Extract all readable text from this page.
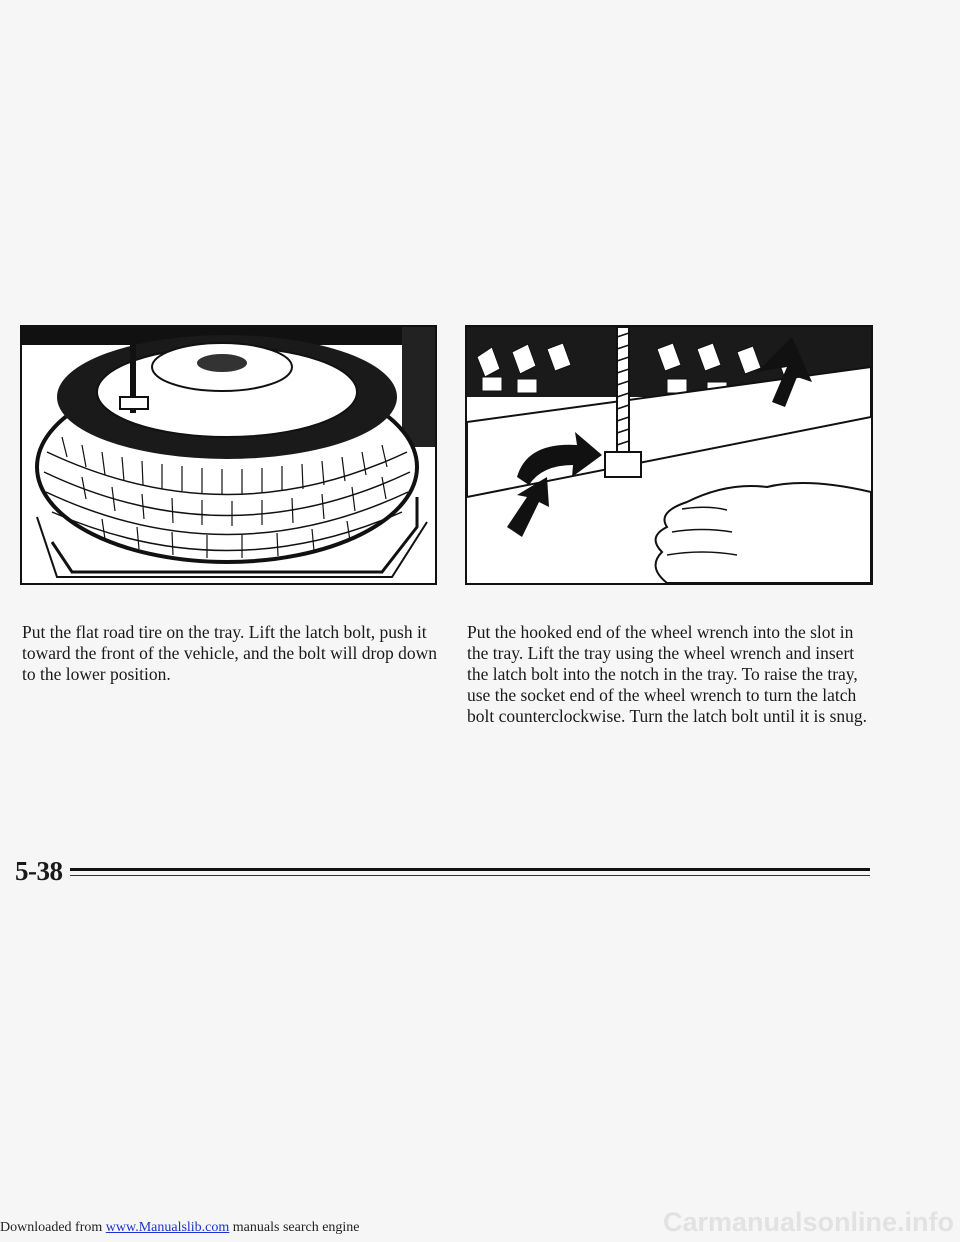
Put the flat road tire on the tray. Lift the latch bolt, push it toward the front of the vehicle, and the bolt will drop down to the lower position.

Put the hooked end of the wheel wrench into the slot in the tray. Lift the tray using the wheel wrench and insert the latch bolt into the notch in the tray. To raise the tray, use the socket end of the wheel wrench to turn the latch bolt counterclockwise. Turn the latch bolt until it is snug.

5-38
Downloaded from www.Manualslib.com manuals search engine	Carmanualsonline.info
